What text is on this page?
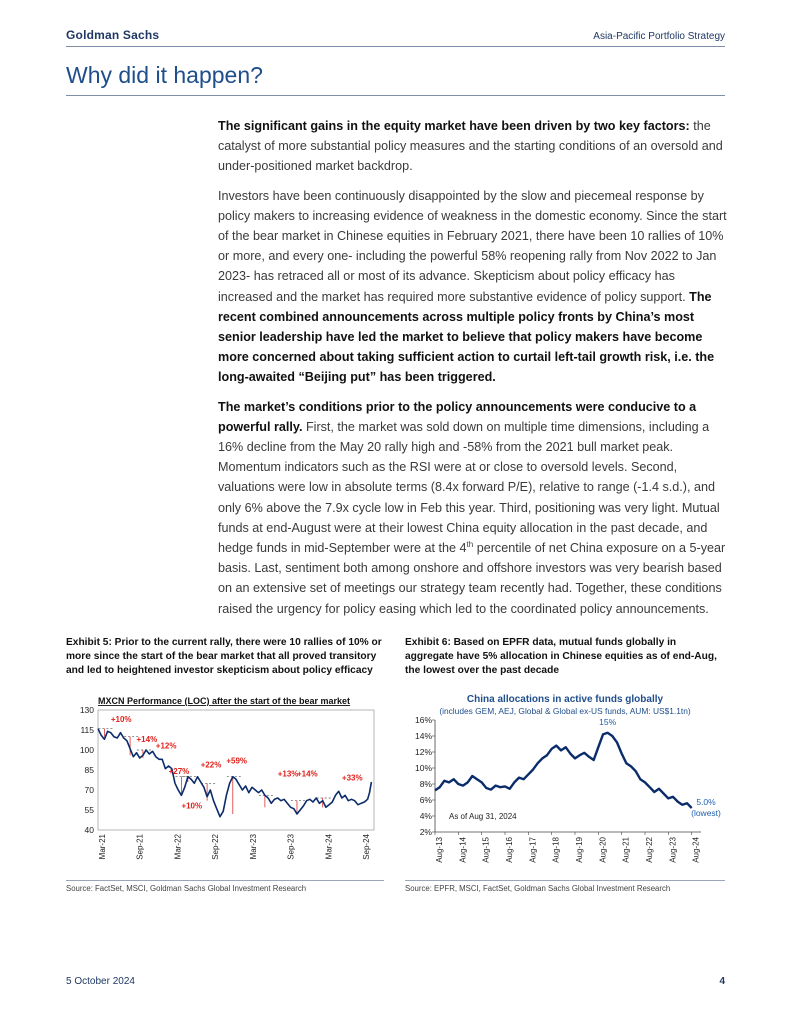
Goldman Sachs	Asia-Pacific Portfolio Strategy
Why did it happen?

The significant gains in the equity market have been driven by two key factors: the catalyst of more substantial policy measures and the starting conditions of an oversold and under-positioned market backdrop.

Investors have been continuously disappointed by the slow and piecemeal response by policy makers to increasing evidence of weakness in the domestic economy. Since the start of the bear market in Chinese equities in February 2021, there have been 10 rallies of 10% or more, and every one- including the powerful 58% reopening rally from Nov 2022 to Jan 2023- has retraced all or most of its advance. Skepticism about policy efficacy has increased and the market has required more substantive evidence of policy support. The recent combined announcements across multiple policy fronts by China’s most senior leadership have led the market to believe that policy makers have become more concerned about taking sufficient action to curtail left-tail growth risk, i.e. the long-awaited “Beijing put” has been triggered.

The market’s conditions prior to the policy announcements were conducive to a powerful rally. First, the market was sold down on multiple time dimensions, including a 16% decline from the May 20 rally high and -58% from the 2021 bull market peak. Momentum indicators such as the RSI were at or close to oversold levels. Second, valuations were low in absolute terms (8.4x forward P/E), relative to range (-1.4 s.d.), and only 6% above the 7.9x cycle low in Feb this year. Third, positioning was very light. Mutual funds at end-August were at their lowest China equity allocation in the past decade, and hedge funds in mid-September were at the 4th percentile of net China exposure on a 5-year basis. Last, sentiment both among onshore and offshore investors was very bearish based on an extensive set of meetings our strategy team recently had. Together, these conditions raised the urgency for policy easing which led to the coordinated policy announcements.

Exhibit 5: Prior to the current rally, there were 10 rallies of 10% or more since the start of the bear market that all proved transitory and led to heightened investor skepticism about policy efficacy
MXCN Performance (LOC) after the start of the bear market
40
55
70
85
100
115
130
Mar-21	Sep-21	Mar-22	Sep-22	Mar-23	Sep-23	Mar-24	Sep-24
+10%
+14%
+12%
+27%
+10%
+22% +59%
+13%
+14%	+33%
Source: FactSet, MSCI, Goldman Sachs Global Investment Research
Exhibit 6: Based on EPFR data, mutual funds globally in aggregate have 5% allocation in Chinese equities as of end-Aug, the lowest over the past decade
China allocations in active funds globally
(includes GEM, AEJ, Global & Global ex-US funds, AUM: US$1.1tn)
2%
4%
6%
8%
10%
12%
14%
16%
Aug-13 Aug-14 Aug-15 Aug-16 Aug-17 Aug-18 Aug-19 Aug-20 Aug-21 Aug-22 Aug-23 Aug-24
15%
5.0%
(lowest)
As of Aug 31, 2024
Source: EPFR, MSCI, FactSet, Goldman Sachs Global Investment Research
5 October 2024	4
